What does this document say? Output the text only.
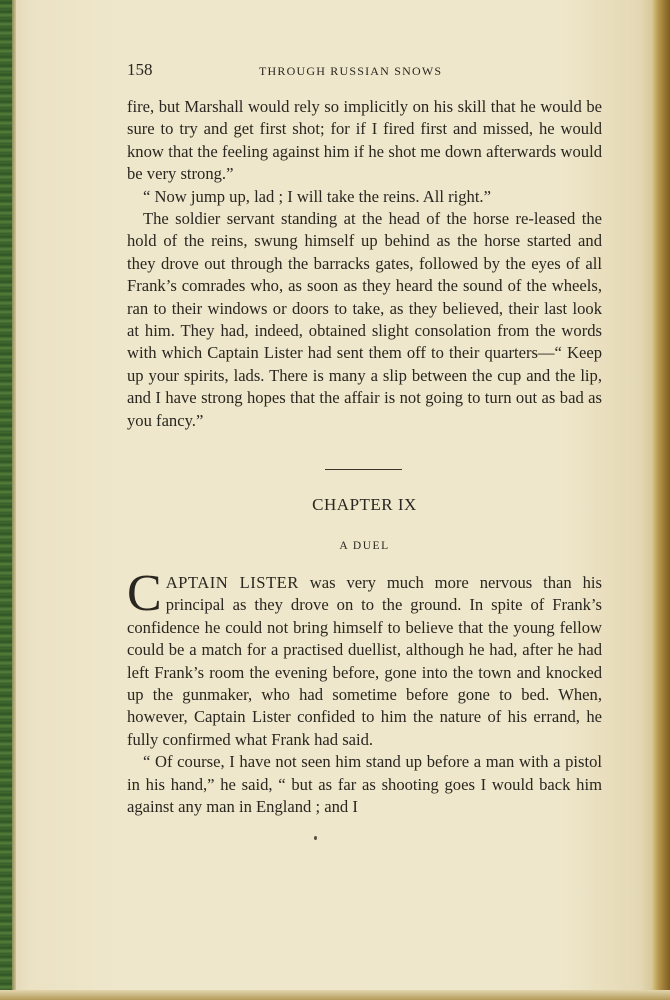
158	THROUGH RUSSIAN SNOWS

fire, but Marshall would rely so implicitly on his skill that he would be sure to try and get first shot; for if I fired first and missed, he would know that the feeling against him if he shot me down afterwards would be very strong.”

“ Now jump up, lad ; I will take the reins. All right.”

The soldier servant standing at the head of the horse re-leased the hold of the reins, swung himself up behind as the horse started and they drove out through the barracks gates, followed by the eyes of all Frank’s comrades who, as soon as they heard the sound of the wheels, ran to their windows or doors to take, as they believed, their last look at him. They had, indeed, obtained slight consolation from the words with which Captain Lister had sent them off to their quarters—“ Keep up your spirits, lads. There is many a slip between the cup and the lip, and I have strong hopes that the affair is not going to turn out as bad as you fancy.”

CHAPTER IX
A DUEL

CAPTAIN LISTER was very much more nervous than his principal as they drove on to the ground. In spite of Frank’s confidence he could not bring himself to believe that the young fellow could be a match for a practised duellist, although he had, after he had left Frank’s room the evening before, gone into the town and knocked up the gunmaker, who had sometime before gone to bed. When, however, Captain Lister confided to him the nature of his errand, he fully confirmed what Frank had said.

“ Of course, I have not seen him stand up before a man with a pistol in his hand,” he said, “ but as far as shooting goes I would back him against any man in England ; and I
